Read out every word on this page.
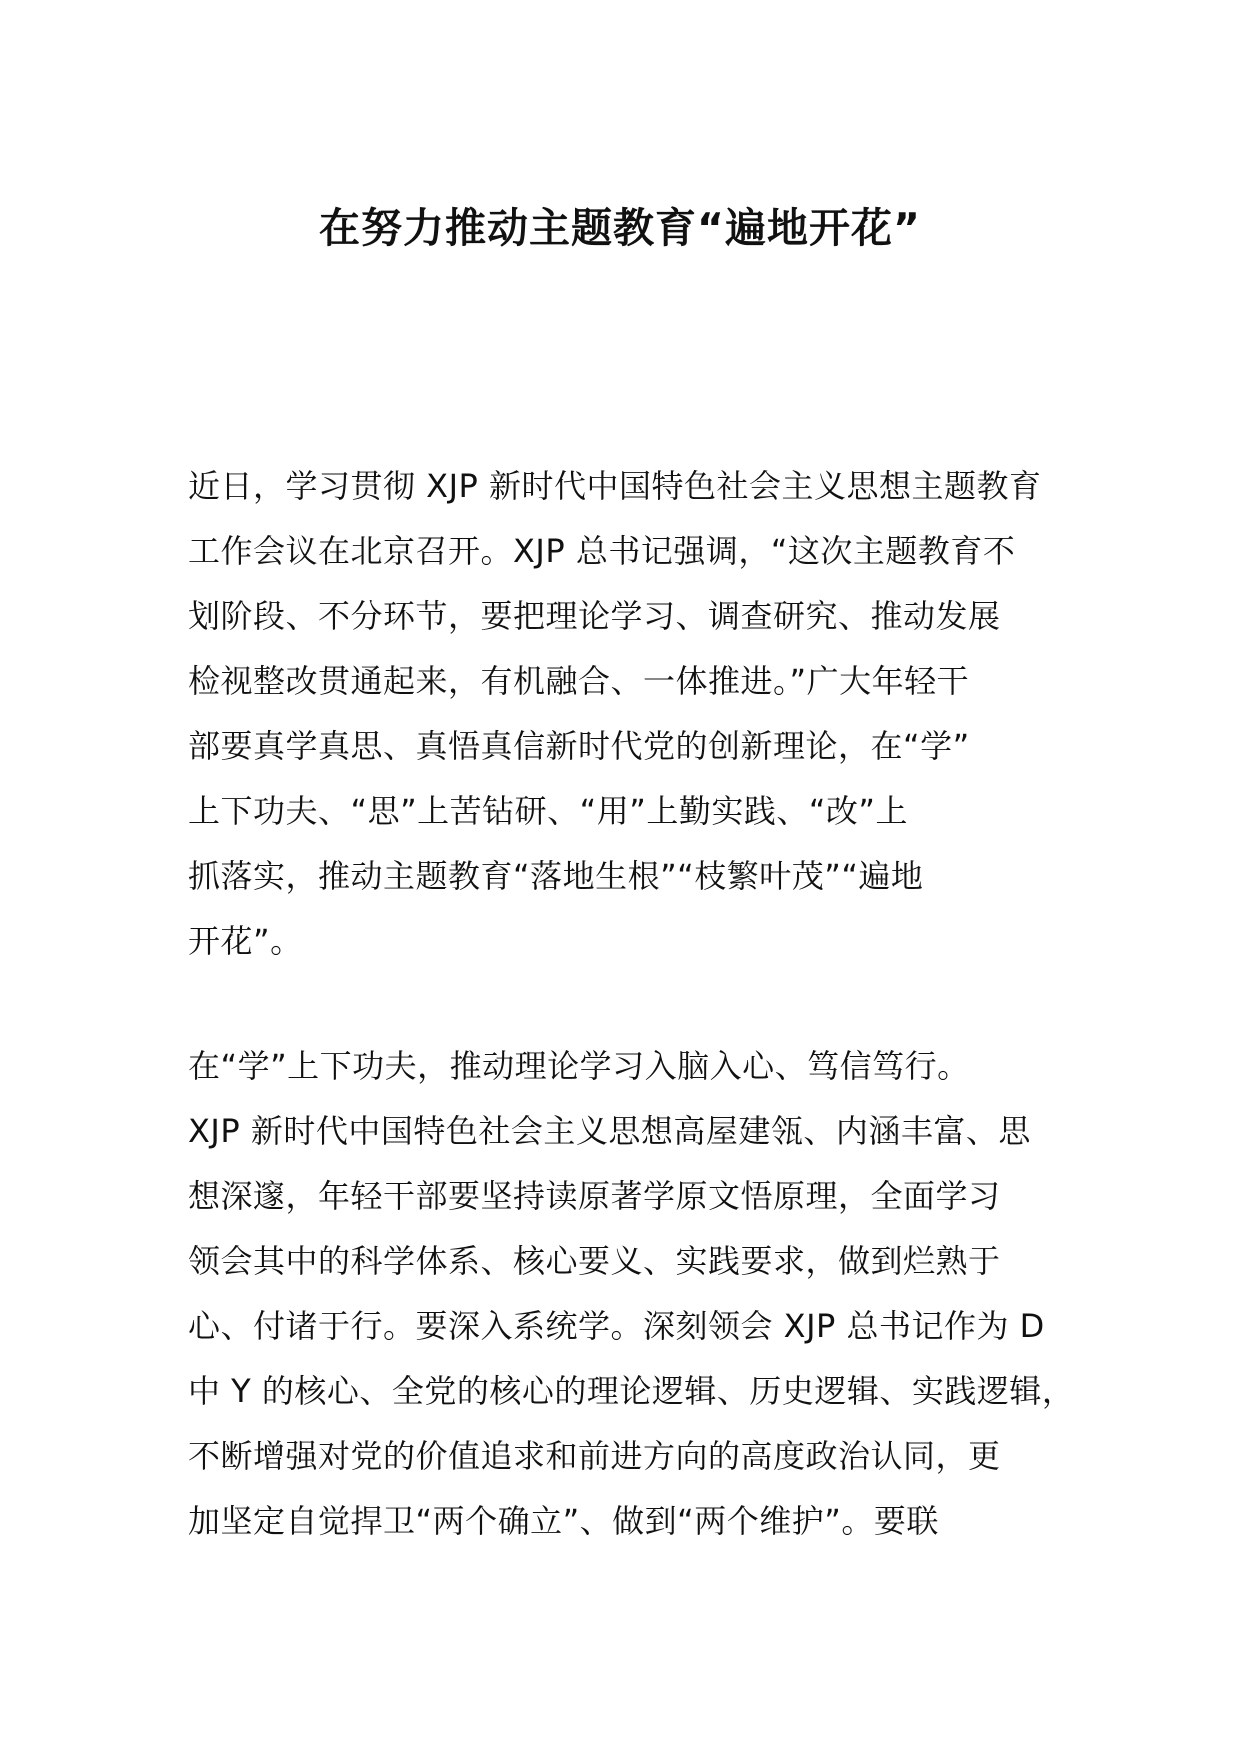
在努力推动主题教育“遍地开花”
近日，学习贯彻 XJP 新时代中国特色社会主义思想主题教育
工作会议在北京召开。XJP 总书记强调，“这次主题教育不
划阶段、不分环节，要把理论学习、调查研究、推动发展
检视整改贯通起来，有机融合、一体推进。”广大年轻干
部要真学真思、真悟真信新时代党的创新理论，在“学”
上下功夫、“思”上苦钻研、“用”上勤实践、“改”上
抓落实，推动主题教育“落地生根”“枝繁叶茂”“遍地
开花”。
在“学”上下功夫，推动理论学习入脑入心、笃信笃行。
XJP 新时代中国特色社会主义思想高屋建瓴、内涵丰富、思
想深邃，年轻干部要坚持读原著学原文悟原理，全面学习
领会其中的科学体系、核心要义、实践要求，做到烂熟于
心、付诸于行。要深入系统学。深刻领会 XJP 总书记作为 D
中 Y 的核心、全党的核心的理论逻辑、历史逻辑、实践逻辑，
不断增强对党的价值追求和前进方向的高度政治认同，更
加坚定自觉捍卫“两个确立”、做到“两个维护”。要联
